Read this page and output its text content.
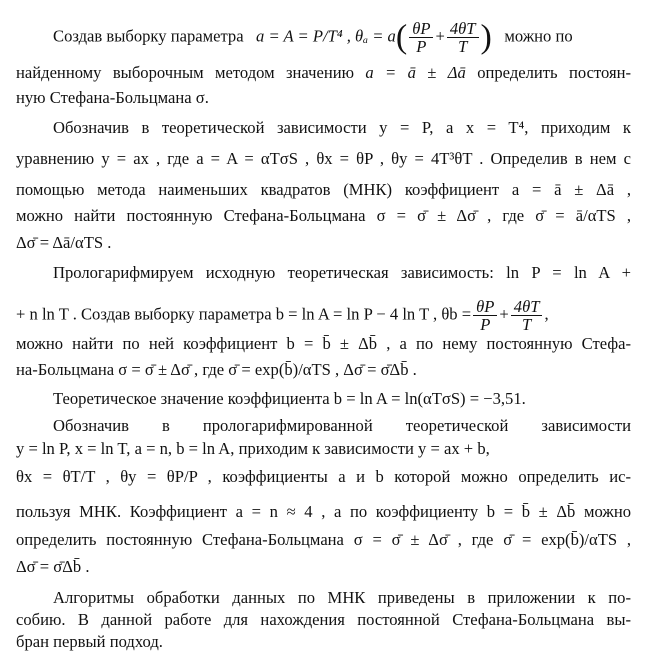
Создав выборку параметра a = A = P/T⁴ , $\theta_a = a( \frac{\theta P}{P} + \frac{4\theta T}{T}$ ) можно по
найденному выборочным методом значению a = ā ± Δā определить постоян-
ную Стефана-Больцмана σ.
Обозначив в теоретической зависимости y = P, а x = T⁴, приходим к
уравнению y = ax , где a = A = αTσS , θx = θP , θy = 4T³θT . Определив в нем с
помощью метода наименьших квадратов (МНК) коэффициент a = ā ± Δā ,
можно найти постоянную Стефана-Больцмана σ = σ̄ ± Δσ̄ , где σ̄ = ā/αTS ,
Δσ̄ = Δā/αTS .
Прологарифмируем исходную теоретическая зависимость: ln P = ln A +
+ n ln T . Создав выборку параметра b = ln A = ln P − 4 ln T , $\theta b = \frac{\theta P}{P} + \frac{4\theta T}{T}$ ,
можно найти по ней коэффициент b = b̄ ± Δb̄ , а по нему постоянную Стефа-
на-Больцмана σ = σ̄ ± Δσ̄ , где σ̄ = exp(b̄)/αTS , Δσ̄ = σ̄Δb̄ .
Теоретическое значение коэффициента b = ln A = ln(αTσS) = −3,51.
Обозначив в прологарифмированной теоретической зависимости
y = ln P, x = ln T, a = n, b = ln A, приходим к зависимости y = ax + b,
θx = θT/T , θy = θP/P , коэффициенты a и b которой можно определить ис-
пользуя МНК. Коэффициент a = n ≈ 4 , а по коэффициенту b = b̄ ± Δb̄ можно
определить постоянную Стефана-Больцмана σ = σ̄ ± Δσ̄ , где σ̄ = exp(b̄)/αTS ,
Δσ̄ = σ̄Δb̄ .
Алгоритмы обработки данных по МНК приведены в приложении к по-
собию. В данной работе для нахождения постоянной Стефана-Больцмана вы-
бран первый подход.
